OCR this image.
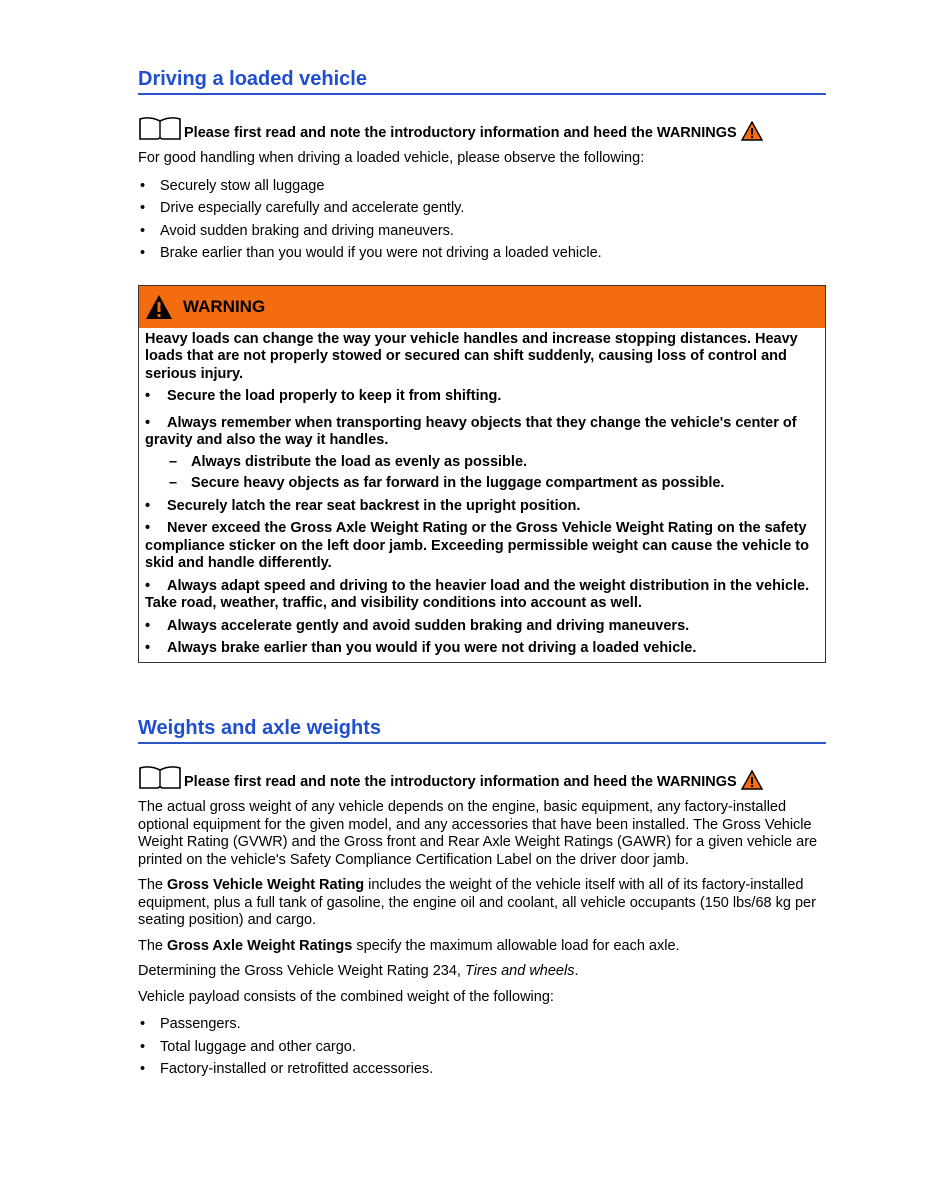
Driving a loaded vehicle
Please first read and note the introductory information and heed the WARNINGS

For good handling when driving a loaded vehicle, please observe the following:

• Securely stow all luggage
• Drive especially carefully and accelerate gently.
• Avoid sudden braking and driving maneuvers.
• Brake earlier than you would if you were not driving a loaded vehicle.
WARNING
Heavy loads can change the way your vehicle handles and increase stopping distances. Heavy loads that are not properly stowed or secured can shift suddenly, causing loss of control and serious injury.
• Secure the load properly to keep it from shifting.
• Always remember when transporting heavy objects that they change the vehicle's center of gravity and also the way it handles.
– Always distribute the load as evenly as possible.
– Secure heavy objects as far forward in the luggage compartment as possible.
• Securely latch the rear seat backrest in the upright position.
• Never exceed the Gross Axle Weight Rating or the Gross Vehicle Weight Rating on the safety compliance sticker on the left door jamb. Exceeding permissible weight can cause the vehicle to skid and handle differently.
• Always adapt speed and driving to the heavier load and the weight distribution in the vehicle. Take road, weather, traffic, and visibility conditions into account as well.
• Always accelerate gently and avoid sudden braking and driving maneuvers.
• Always brake earlier than you would if you were not driving a loaded vehicle.
Weights and axle weights
Please first read and note the introductory information and heed the WARNINGS

The actual gross weight of any vehicle depends on the engine, basic equipment, any factory-installed optional equipment for the given model, and any accessories that have been installed. The Gross Vehicle Weight Rating (GVWR) and the Gross front and Rear Axle Weight Ratings (GAWR) for a given vehicle are printed on the vehicle's Safety Compliance Certification Label on the driver door jamb.

The Gross Vehicle Weight Rating includes the weight of the vehicle itself with all of its factory-installed equipment, plus a full tank of gasoline, the engine oil and coolant, all vehicle occupants (150 lbs/68 kg per seating position) and cargo.

The Gross Axle Weight Ratings specify the maximum allowable load for each axle.

Determining the Gross Vehicle Weight Rating 234, Tires and wheels.

Vehicle payload consists of the combined weight of the following:

• Passengers.
• Total luggage and other cargo.
• Factory-installed or retrofitted accessories.
